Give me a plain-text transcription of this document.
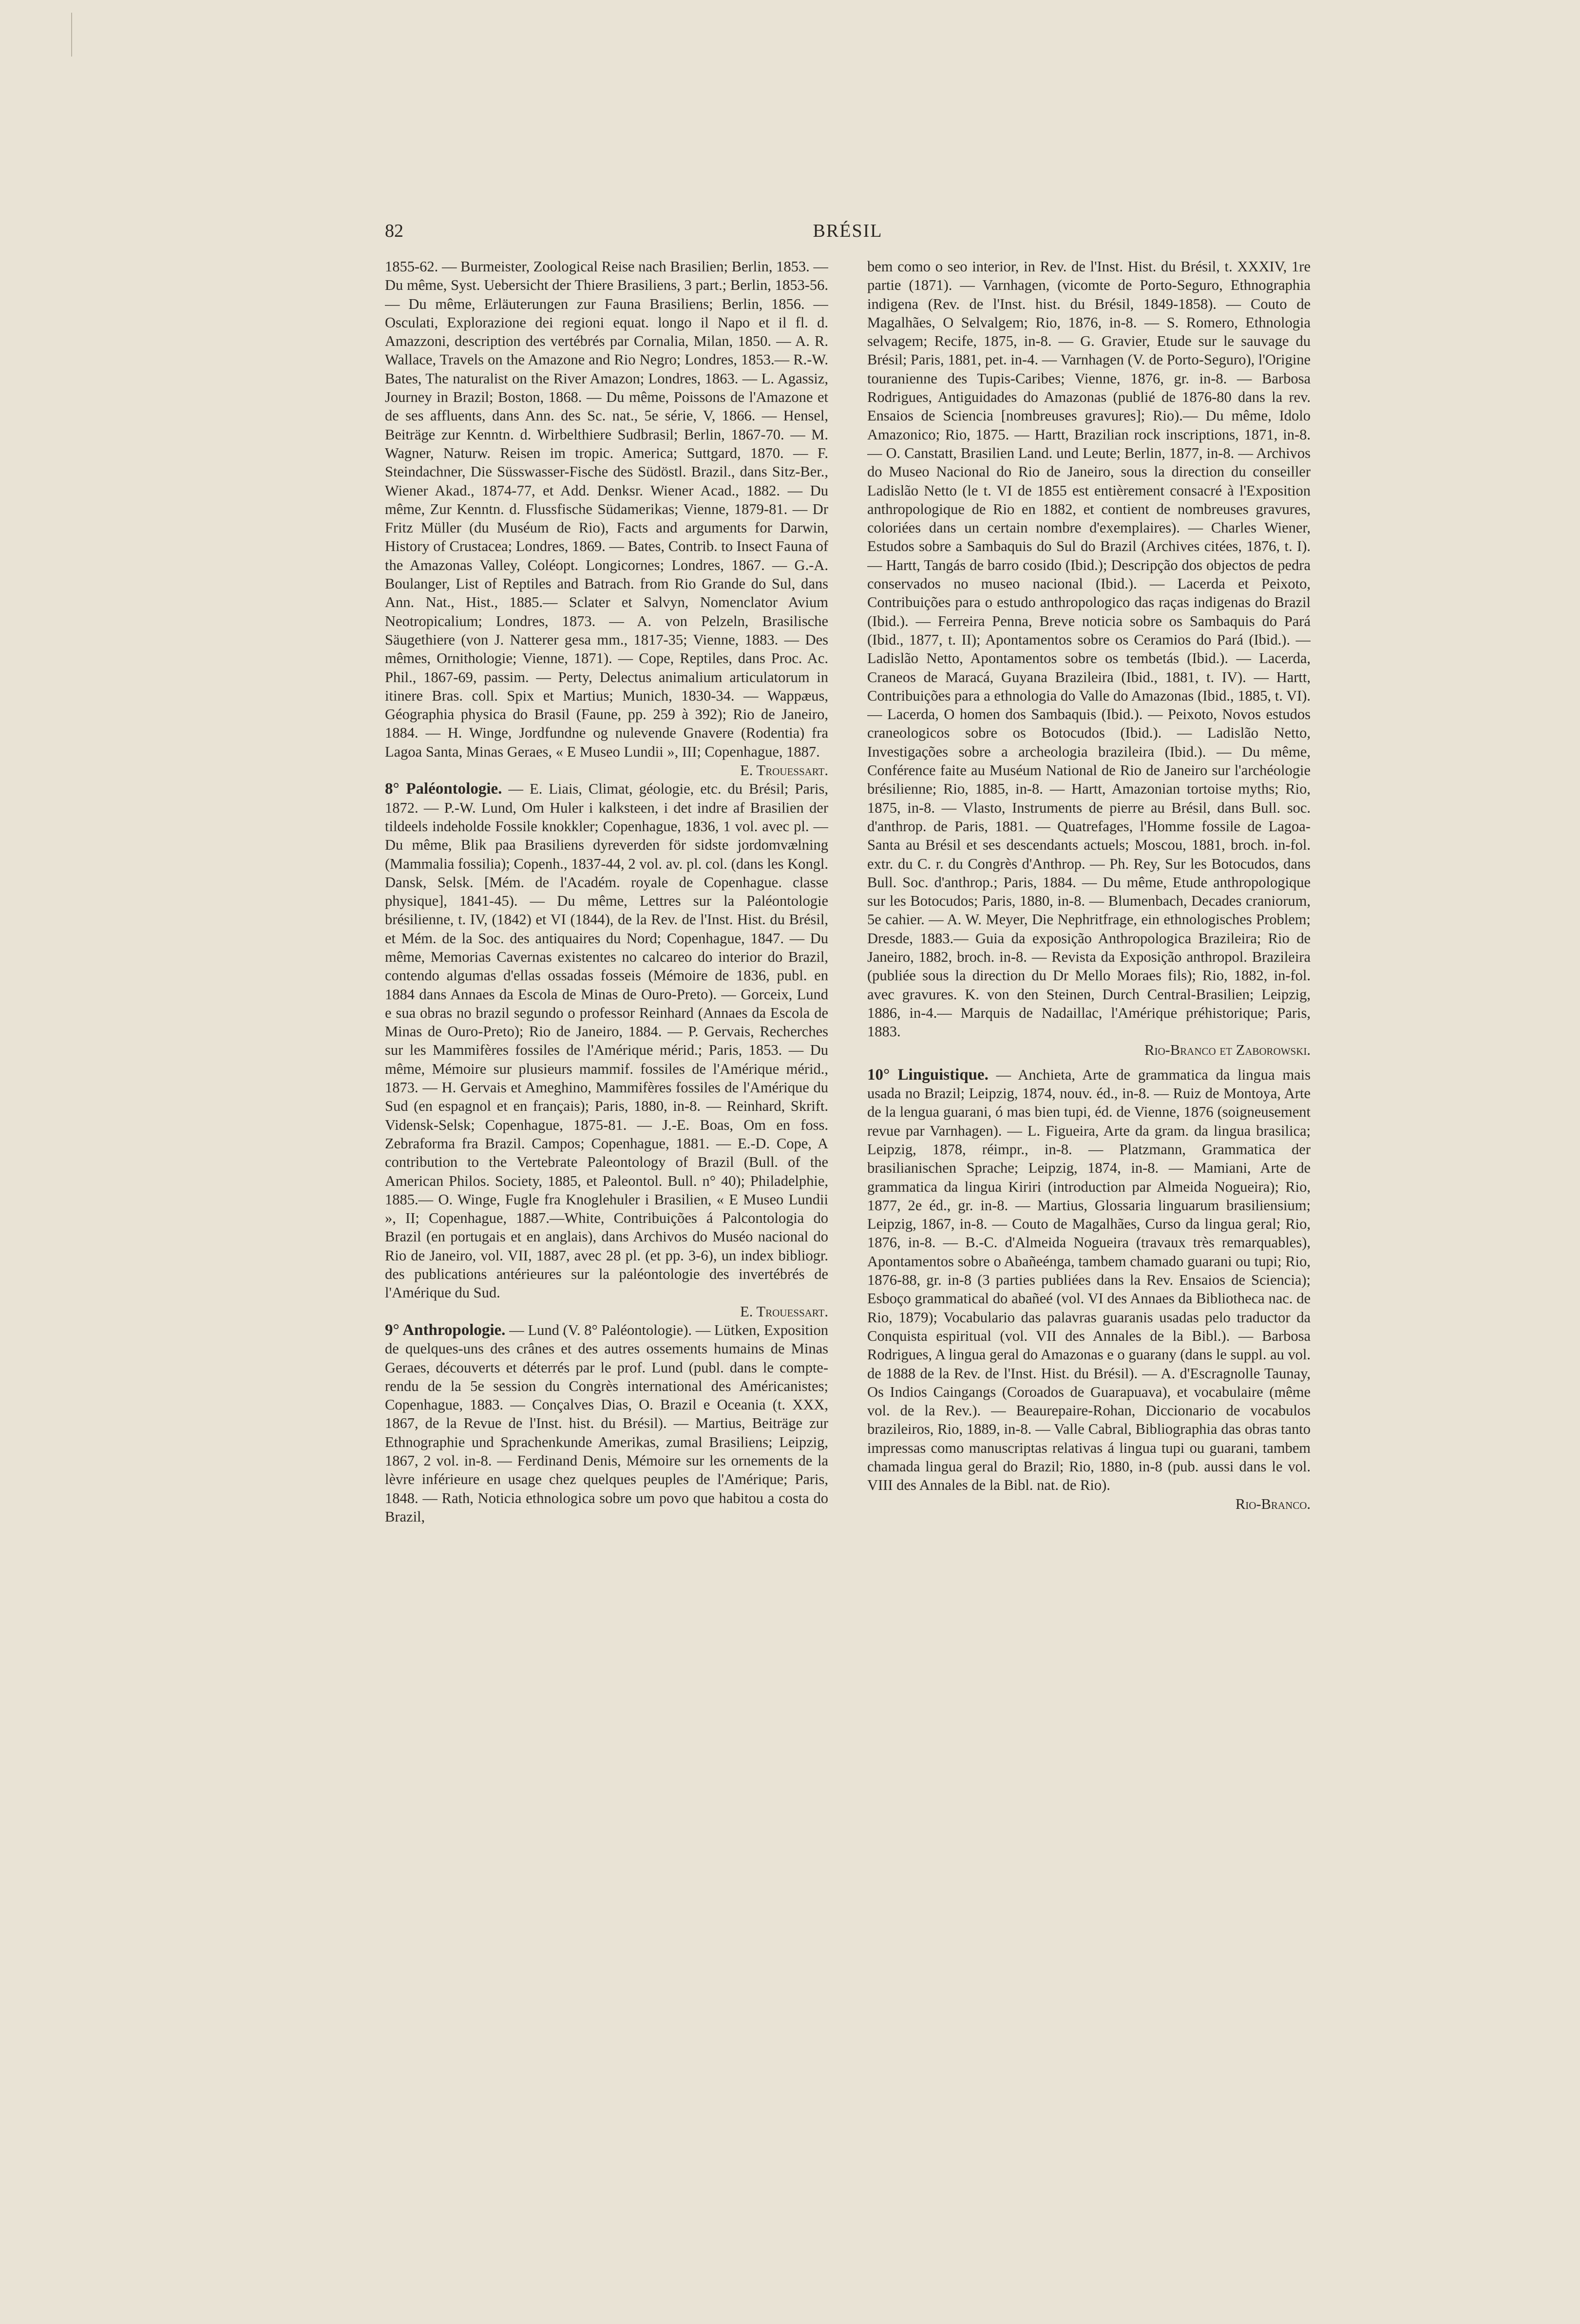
82	BRÉSIL

1855-62. — Burmeister, Zoological Reise nach Brasilien; Berlin, 1853. — Du même, Syst. Uebersicht der Thiere Brasiliens, 3 part.; Berlin, 1853-56. — Du même, Erläuterungen zur Fauna Brasiliens; Berlin, 1856. — Osculati, Explorazione dei regioni equat. longo il Napo et il fl. d. Amazzoni, description des vertébrés par Cornalia, Milan, 1850. — A. R. Wallace, Travels on the Amazone and Rio Negro; Londres, 1853.— R.-W. Bates, The naturalist on the River Amazon; Londres, 1863. — L. Agassiz, Journey in Brazil; Boston, 1868. — Du même, Poissons de l'Amazone et de ses affluents, dans Ann. des Sc. nat., 5e série, V, 1866. — Hensel, Beiträge zur Kenntn. d. Wirbelthiere Sudbrasil; Berlin, 1867-70. — M. Wagner, Naturw. Reisen im tropic. America; Suttgard, 1870. — F. Steindachner, Die Süsswasser-Fische des Südöstl. Brazil., dans Sitz-Ber., Wiener Akad., 1874-77, et Add. Denksr. Wiener Acad., 1882. — Du même, Zur Kenntn. d. Flussfische Südamerikas; Vienne, 1879-81. — Dr Fritz Müller (du Muséum de Rio), Facts and arguments for Darwin, History of Crustacea; Londres, 1869. — Bates, Contrib. to Insect Fauna of the Amazonas Valley, Coléopt. Longicornes; Londres, 1867. — G.-A. Boulanger, List of Reptiles and Batrach. from Rio Grande do Sul, dans Ann. Nat., Hist., 1885.— Sclater et Salvyn, Nomenclator Avium Neotropicalium; Londres, 1873. — A. von Pelzeln, Brasilische Säugethiere (von J. Natterer gesa mm., 1817-35; Vienne, 1883. — Des mêmes, Ornithologie; Vienne, 1871). — Cope, Reptiles, dans Proc. Ac. Phil., 1867-69, passim. — Perty, Delectus animalium articulatorum in itinere Bras. coll. Spix et Martius; Munich, 1830-34. — Wappæus, Géographia physica do Brasil (Faune, pp. 259 à 392); Rio de Janeiro, 1884. — H. Winge, Jordfundne og nulevende Gnavere (Rodentia) fra Lagoa Santa, Minas Geraes, « E Museo Lundii », III; Copenhague, 1887.
E. Trouessart.

8° Paléontologie. — E. Liais, Climat, géologie, etc. du Brésil; Paris, 1872. — P.-W. Lund, Om Huler i kalksteen, i det indre af Brasilien der tildeels indeholde Fossile knokkler; Copenhague, 1836, 1 vol. avec pl. — Du même, Blik paa Brasiliens dyreverden för sidste jordomvælning (Mammalia fossilia); Copenh., 1837-44, 2 vol. av. pl. col. (dans les Kongl. Dansk, Selsk. [Mém. de l'Académ. royale de Copenhague. classe physique], 1841-45). — Du même, Lettres sur la Paléontologie brésilienne, t. IV, (1842) et VI (1844), de la Rev. de l'Inst. Hist. du Brésil, et Mém. de la Soc. des antiquaires du Nord; Copenhague, 1847. — Du même, Memorias Cavernas existentes no calcareo do interior do Brazil, contendo algumas d'ellas ossadas fosseis (Mémoire de 1836, publ. en 1884 dans Annaes da Escola de Minas de Ouro-Preto). — Gorceix, Lund e sua obras no brazil segundo o professor Reinhard (Annaes da Escola de Minas de Ouro-Preto); Rio de Janeiro, 1884. — P. Gervais, Recherches sur les Mammifères fossiles de l'Amérique mérid.; Paris, 1853. — Du même, Mémoire sur plusieurs mammif. fossiles de l'Amérique mérid., 1873. — H. Gervais et Ameghino, Mammifères fossiles de l'Amérique du Sud (en espagnol et en français); Paris, 1880, in-8. — Reinhard, Skrift. Vidensk-Selsk; Copenhague, 1875-81. — J.-E. Boas, Om en foss. Zebraforma fra Brazil. Campos; Copenhague, 1881. — E.-D. Cope, A contribution to the Vertebrate Paleontology of Brazil (Bull. of the American Philos. Society, 1885, et Paleontol. Bull. n° 40); Philadelphie, 1885.— O. Winge, Fugle fra Knoglehuler i Brasilien, « E Museo Lundii », II; Copenhague, 1887.—White, Contribuições á Palcontologia do Brazil (en portugais et en anglais), dans Archivos do Muséo nacional do Rio de Janeiro, vol. VII, 1887, avec 28 pl. (et pp. 3-6), un index bibliogr. des publications antérieures sur la paléontologie des invertébrés de l'Amérique du Sud.
E. Trouessart.

9° Anthropologie. — Lund (V. 8° Paléontologie). — Lütken, Exposition de quelques-uns des crânes et des autres ossements humains de Minas Geraes, découverts et déterrés par le prof. Lund (publ. dans le compte-rendu de la 5e session du Congrès international des Américanistes; Copenhague, 1883. — Conçalves Dias, O. Brazil e Oceania (t. XXX, 1867, de la Revue de l'Inst. hist. du Brésil). — Martius, Beiträge zur Ethnographie und Sprachenkunde Amerikas, zumal Brasiliens; Leipzig, 1867, 2 vol. in-8. — Ferdinand Denis, Mémoire sur les ornements de la lèvre inférieure en usage chez quelques peuples de l'Amérique; Paris, 1848. — Rath, Noticia ethnologica sobre um povo que habitou a costa do Brazil,

bem como o seo interior, in Rev. de l'Inst. Hist. du Brésil, t. XXXIV, 1re partie (1871). — Varnhagen, (vicomte de Porto-Seguro, Ethnographia indigena (Rev. de l'Inst. hist. du Brésil, 1849-1858). — Couto de Magalhães, O Selvalgem; Rio, 1876, in-8. — S. Romero, Ethnologia selvagem; Recife, 1875, in-8. — G. Gravier, Etude sur le sauvage du Brésil; Paris, 1881, pet. in-4. — Varnhagen (V. de Porto-Seguro), l'Origine touranienne des Tupis-Caribes; Vienne, 1876, gr. in-8. — Barbosa Rodrigues, Antiguidades do Amazonas (publié de 1876-80 dans la rev. Ensaios de Sciencia [nombreuses gravures]; Rio).— Du même, Idolo Amazonico; Rio, 1875. — Hartt, Brazilian rock inscriptions, 1871, in-8. — O. Canstatt, Brasilien Land. und Leute; Berlin, 1877, in-8. — Archivos do Museo Nacional do Rio de Janeiro, sous la direction du conseiller Ladislão Netto (le t. VI de 1855 est entièrement consacré à l'Exposition anthropologique de Rio en 1882, et contient de nombreuses gravures, coloriées dans un certain nombre d'exemplaires). — Charles Wiener, Estudos sobre a Sambaquis do Sul do Brazil (Archives citées, 1876, t. I). — Hartt, Tangás de barro cosido (Ibid.); Descripção dos objectos de pedra conservados no museo nacional (Ibid.). — Lacerda et Peixoto, Contribuições para o estudo anthropologico das raças indigenas do Brazil (Ibid.). — Ferreira Penna, Breve noticia sobre os Sambaquis do Pará (Ibid., 1877, t. II); Apontamentos sobre os Ceramios do Pará (Ibid.). — Ladislão Netto, Apontamentos sobre os tembetás (Ibid.). — Lacerda, Craneos de Maracá, Guyana Brazileira (Ibid., 1881, t. IV). — Hartt, Contribuições para a ethnologia do Valle do Amazonas (Ibid., 1885, t. VI). — Lacerda, O homen dos Sambaquis (Ibid.). — Peixoto, Novos estudos craneologicos sobre os Botocudos (Ibid.). — Ladislão Netto, Investigações sobre a archeologia brazileira (Ibid.). — Du même, Conférence faite au Muséum National de Rio de Janeiro sur l'archéologie brésilienne; Rio, 1885, in-8. — Hartt, Amazonian tortoise myths; Rio, 1875, in-8. — Vlasto, Instruments de pierre au Brésil, dans Bull. soc. d'anthrop. de Paris, 1881. — Quatrefages, l'Homme fossile de Lagoa-Santa au Brésil et ses descendants actuels; Moscou, 1881, broch. in-fol. extr. du C. r. du Congrès d'Anthrop. — Ph. Rey, Sur les Botocudos, dans Bull. Soc. d'anthrop.; Paris, 1884. — Du même, Etude anthropologique sur les Botocudos; Paris, 1880, in-8. — Blumenbach, Decades craniorum, 5e cahier. — A. W. Meyer, Die Nephritfrage, ein ethnologisches Problem; Dresde, 1883.— Guia da exposição Anthropologica Brazileira; Rio de Janeiro, 1882, broch. in-8. — Revista da Exposição anthropol. Brazileira (publiée sous la direction du Dr Mello Moraes fils); Rio, 1882, in-fol. avec gravures. K. von den Steinen, Durch Central-Brasilien; Leipzig, 1886, in-4.— Marquis de Nadaillac, l'Amérique préhistorique; Paris, 1883.
Rio-Branco et Zaborowski.

10° Linguistique. — Anchieta, Arte de grammatica da lingua mais usada no Brazil; Leipzig, 1874, nouv. éd., in-8. — Ruiz de Montoya, Arte de la lengua guarani, ó mas bien tupi, éd. de Vienne, 1876 (soigneusement revue par Varnhagen). — L. Figueira, Arte da gram. da lingua brasilica; Leipzig, 1878, réimpr., in-8. — Platzmann, Grammatica der brasilianischen Sprache; Leipzig, 1874, in-8. — Mamiani, Arte de grammatica da lingua Kiriri (introduction par Almeida Nogueira); Rio, 1877, 2e éd., gr. in-8. — Martius, Glossaria linguarum brasiliensium; Leipzig, 1867, in-8. — Couto de Magalhães, Curso da lingua geral; Rio, 1876, in-8. — B.-C. d'Almeida Nogueira (travaux très remarquables), Apontamentos sobre o Abañeénga, tambem chamado guarani ou tupi; Rio, 1876-88, gr. in-8 (3 parties publiées dans la Rev. Ensaios de Sciencia); Esboço grammatical do abañeé (vol. VI des Annaes da Bibliotheca nac. de Rio, 1879); Vocabulario das palavras guaranis usadas pelo traductor da Conquista espiritual (vol. VII des Annales de la Bibl.). — Barbosa Rodrigues, A lingua geral do Amazonas e o guarany (dans le suppl. au vol. de 1888 de la Rev. de l'Inst. Hist. du Brésil). — A. d'Escragnolle Taunay, Os Indios Caingangs (Coroados de Guarapuava), et vocabulaire (même vol. de la Rev.). — Beaurepaire-Rohan, Diccionario de vocabulos brazileiros, Rio, 1889, in-8. — Valle Cabral, Bibliographia das obras tanto impressas como manuscriptas relativas á lingua tupi ou guarani, tambem chamada lingua geral do Brazil; Rio, 1880, in-8 (pub. aussi dans le vol. VIII des Annales de la Bibl. nat. de Rio).
Rio-Branco.
